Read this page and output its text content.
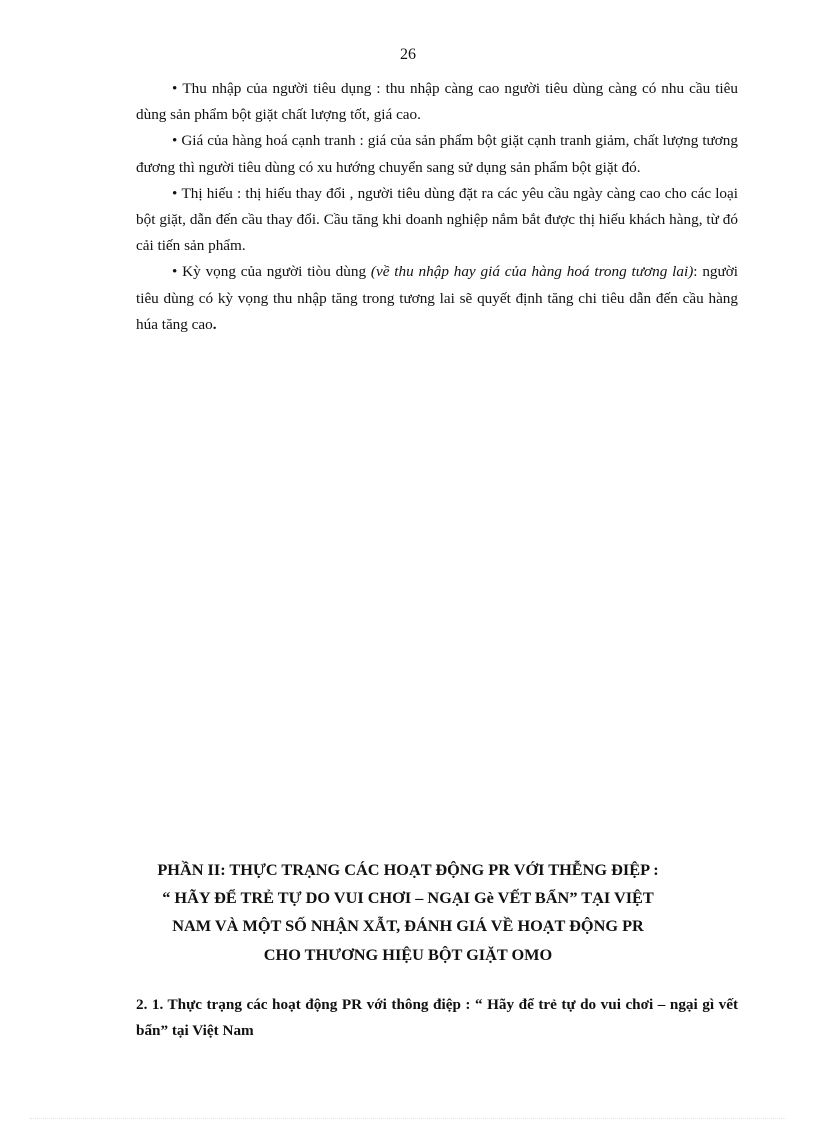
26

• Thu nhập của người tiêu dụng : thu nhập càng cao người tiêu dùng càng có nhu cầu tiêu dùng sản phẩm bột giặt chất lượng tốt, giá cao.

• Giá của hàng hoá cạnh tranh : giá của sản phẩm bột giặt cạnh tranh giảm, chất lượng tương đương thì người tiêu dùng có xu hướng chuyển sang sử dụng sản phẩm bột giặt đó.

• Thị hiếu : thị hiếu thay đổi , người tiêu dùng đặt ra các yêu cầu ngày càng cao cho các loại bột giặt, dẫn đến cầu thay đổi. Cầu tăng khi doanh nghiệp nắm bắt được thị hiếu khách hàng, từ đó cải tiến sản phẩm.

• Kỳ vọng của người tiòu dùng (về thu nhập hay giá của hàng hoá trong tương lai): người tiêu dùng có kỳ vọng thu nhập tăng trong tương lai sẽ quyết định tăng chi tiêu dẫn đến cầu hàng húa tăng cao.

PHẦN II: THỰC TRẠNG CÁC HOẠT ĐỘNG PR VỚI THỄNG ĐIỆP :
“ HÃY ĐỂ TRẺ TỰ DO VUI CHƠI – NGẠI Gè VẾT BẨN” TẠI VIỆT
NAM VÀ MỘT SỐ NHẬN XẪT, ĐÁNH GIÁ VỀ HOẠT ĐỘNG PR
CHO THƯƠNG HIỆU BỘT GIẶT OMO

2. 1. Thực trạng các hoạt động PR với thông điệp : “ Hãy để trẻ tự do vui chơi – ngại gì vết bẩn” tại Việt Nam
